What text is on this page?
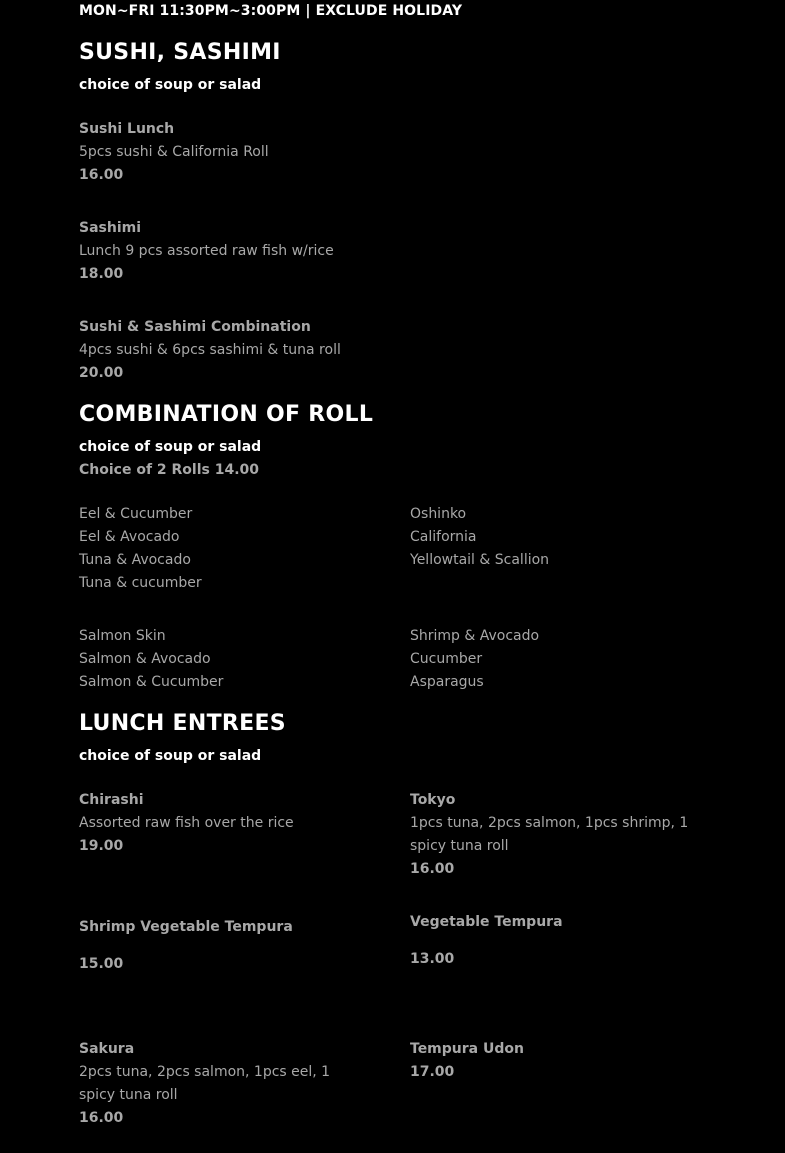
MON~FRI 11:30PM~3:00PM | EXCLUDE HOLIDAY
SUSHI, SASHIMI
choice of soup or salad
Sushi Lunch
5pcs sushi & California Roll
16.00
Sashimi
Lunch 9 pcs assorted raw fish w/rice
18.00
Sushi & Sashimi Combination
4pcs sushi & 6pcs sashimi & tuna roll
20.00
COMBINATION OF ROLL
choice of soup or salad
Choice of 2 Rolls 14.00
Eel & Cucumber
Eel & Avocado
Tuna & Avocado
Tuna & cucumber
Oshinko
California
Yellowtail & Scallion
Salmon Skin
Salmon & Avocado
Salmon & Cucumber
Shrimp & Avocado
Cucumber
Asparagus
LUNCH ENTREES
choice of soup or salad
Chirashi
Assorted raw fish over the rice
19.00
Tokyo
1pcs tuna, 2pcs salmon, 1pcs shrimp, 1 spicy tuna roll
16.00
Shrimp Vegetable Tempura
15.00
Vegetable Tempura
13.00
Sakura
2pcs tuna, 2pcs salmon, 1pcs eel, 1 spicy tuna roll
16.00
Tempura Udon
17.00
